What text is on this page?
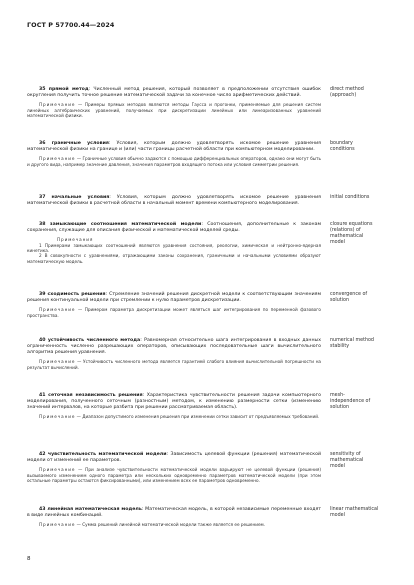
ГОСТ Р 57700.44—2024
35 прямой метод: Численный метод решения, который позволяет в предположении отсутствия ошибок округления получить точное решение математической задачи за конечное число арифметических действий.
Примечание — Примеры прямых методов являются методы Гаусса и прогонки, применяемые для решения систем линейных алгебраических уравнений, получаемых при дискретизации линейных или линеаризованных уравнений математической физики.
direct method
(approach)
36 граничные условия: Условия, которым должно удовлетворять искомое решение уравнения математической физики на границе и (или) части границы расчетной области при компьютерном моделировании.
Примечание — Граничные условия обычно задаются с помощью дифференциальных операторов, однако они могут быть и другого вида, например значение давления, значения параметров входящего потока или условия симметрии решения.
boundary
conditions
37 начальные условия: Условия, которым должно удовлетворять искомое решение уравнения математической физики в расчетной области в начальный момент времени компьютерного моделирования.
initial conditions
38 замыкающие соотношения математической модели: Соотношения, дополнительные к законам сохранения, служащие для описания физической и математической моделей среды.
Примечания
1 Примерами замыкающих соотношений являются уравнения состояния, реологии, химическая и нейтронно-ядерная кинетика.
2 В совокупности с уравнениями, отражающими законы сохранения, граничными и начальными условиями образуют математическую модель.
closure equations
(relations) of
mathematical
model
39 сходимость решения: Стремление значений решения дискретной модели к соответствующим значениям решения континуальной модели при стремлении к нулю параметров дискретизации.
Примечание — Примером параметра дискретизации может являться шаг интегрирования по переменной фазового пространства.
convergence of
solution
40 устойчивость численного метода: Равномерная относительно шага интегрирования в входных данных ограниченность численно разрешающих операторов, описывающих последовательные шаги вычислительного алгоритма решения уравнения.
Примечание — Устойчивость численного метода является гарантией слабого влияния вычислительной погрешности на результат вычислений.
numerical method
stability
41 сеточная независимость решения: Характеристика чувствительности решения задачи компьютерного моделирования, полученного сеточным (разностным) методом, к изменению размерности сетки (изменению значений интервалов, на которые разбита при решении рассматриваемая область).
Примечание — Диапазон допустимого изменения решения при изменении сетки зависит от предъявляемых требований.
mesh-
independence of
solution
42 чувствительность математической модели: Зависимость целевой функции (решения) математической модели от изменений ее параметров.
Примечание — При анализе чувствительности математической модели варьируют не целевой функции (решения) вызываемого изменением одного параметра или нескольких одновременно параметров математической модели (при этом остальные параметры остаются фиксированными), или изменением всех ее параметров одновременно.
sensitivity of
mathematical
model
43 линейная математическая модель: Математическая модель, в которой независимые переменные входят в виде линейных комбинаций.
Примечание — Сумма решений линейной математической модели также является ее решением.
linear mathematical
model
8
